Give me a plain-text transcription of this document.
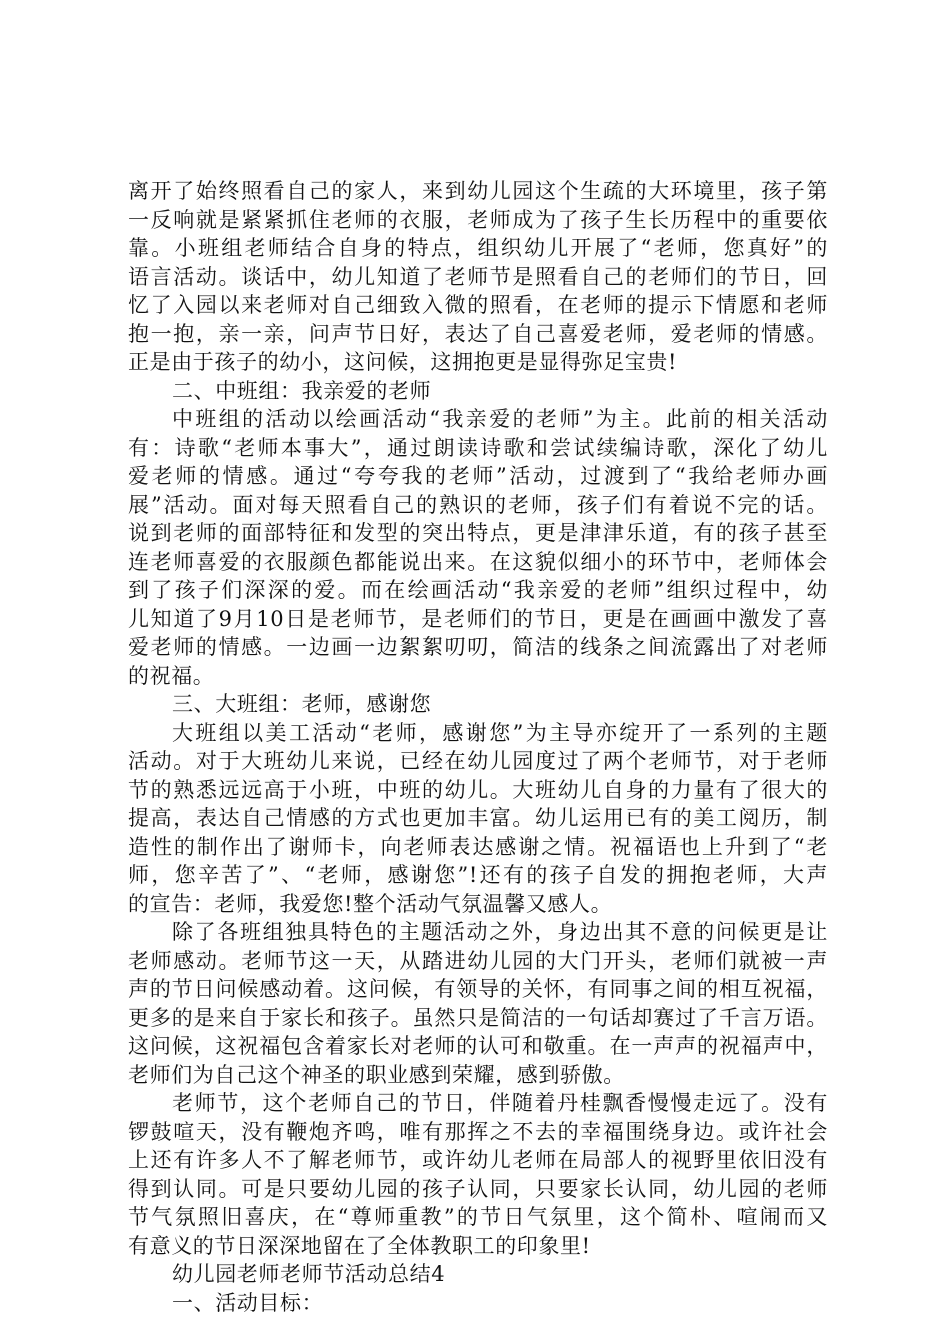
离开了始终照看自己的家人，来到幼儿园这个生疏的大环境里，孩子第
一反响就是紧紧抓住老师的衣服，老师成为了孩子生长历程中的重要依
靠。小班组老师结合自身的特点，组织幼儿开展了“老师，您真好”的
语言活动。谈话中，幼儿知道了老师节是照看自己的老师们的节日，回
忆了入园以来老师对自己细致入微的照看，在老师的提示下情愿和老师
抱一抱，亲一亲，问声节日好，表达了自己喜爱老师，爱老师的情感。
正是由于孩子的幼小，这问候，这拥抱更是显得弥足宝贵!
二、中班组：我亲爱的老师
中班组的活动以绘画活动“我亲爱的老师”为主。此前的相关活动
有：诗歌“老师本事大”，通过朗读诗歌和尝试续编诗歌，深化了幼儿
爱老师的情感。通过“夸夸我的老师”活动，过渡到了“我给老师办画
展”活动。面对每天照看自己的熟识的老师，孩子们有着说不完的话。
说到老师的面部特征和发型的突出特点，更是津津乐道，有的孩子甚至
连老师喜爱的衣服颜色都能说出来。在这貌似细小的环节中，老师体会
到了孩子们深深的爱。而在绘画活动“我亲爱的老师”组织过程中，幼
儿知道了9月10日是老师节，是老师们的节日，更是在画画中激发了喜
爱老师的情感。一边画一边絮絮叨叨，简洁的线条之间流露出了对老师
的祝福。
三、大班组：老师，感谢您
大班组以美工活动“老师，感谢您”为主导亦绽开了一系列的主题
活动。对于大班幼儿来说，已经在幼儿园度过了两个老师节，对于老师
节的熟悉远远高于小班，中班的幼儿。大班幼儿自身的力量有了很大的
提高，表达自己情感的方式也更加丰富。幼儿运用已有的美工阅历，制
造性的制作出了谢师卡，向老师表达感谢之情。祝福语也上升到了“老
师，您辛苦了”、“老师，感谢您”!还有的孩子自发的拥抱老师，大声
的宣告：老师，我爱您!整个活动气氛温馨又感人。
除了各班组独具特色的主题活动之外，身边出其不意的问候更是让
老师感动。老师节这一天，从踏进幼儿园的大门开头，老师们就被一声
声的节日问候感动着。这问候，有领导的关怀，有同事之间的相互祝福，
更多的是来自于家长和孩子。虽然只是简洁的一句话却赛过了千言万语。
这问候，这祝福包含着家长对老师的认可和敬重。在一声声的祝福声中，
老师们为自己这个神圣的职业感到荣耀，感到骄傲。
老师节，这个老师自己的节日，伴随着丹桂飘香慢慢走远了。没有
锣鼓喧天，没有鞭炮齐鸣，唯有那挥之不去的幸福围绕身边。或许社会
上还有许多人不了解老师节，或许幼儿老师在局部人的视野里依旧没有
得到认同。可是只要幼儿园的孩子认同，只要家长认同，幼儿园的老师
节气氛照旧喜庆，在“尊师重教”的节日气氛里，这个简朴、喧闹而又
有意义的节日深深地留在了全体教职工的印象里!
幼儿园老师老师节活动总结4
一、活动目标：
